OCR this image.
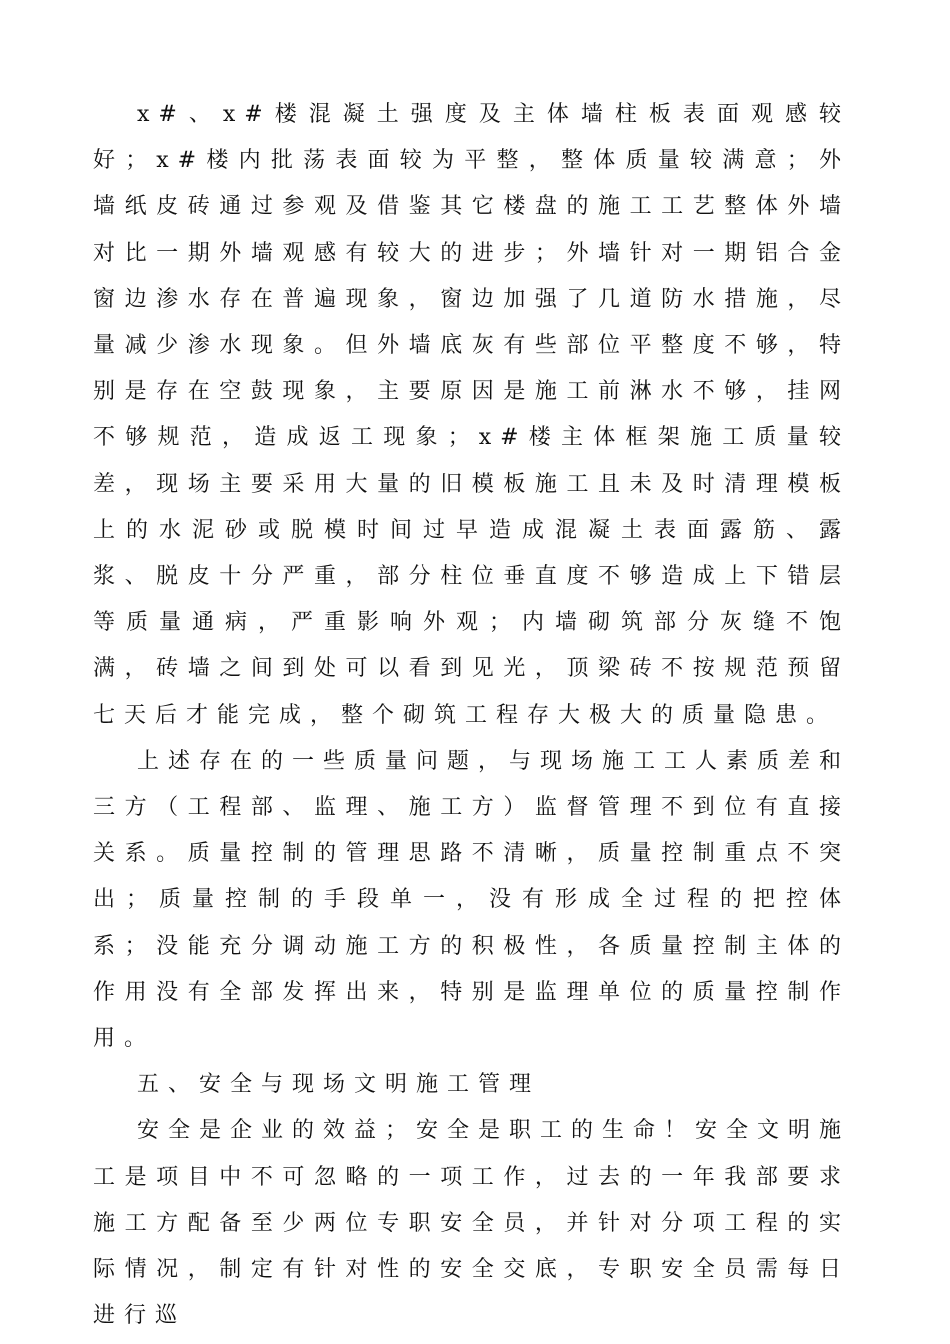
x#、x#楼混凝土强度及主体墙柱板表面观感较好；x#楼内批荡表面较为平整，整体质量较满意；外墙纸皮砖通过参观及借鉴其它楼盘的施工工艺整体外墙对比一期外墙观感有较大的进步；外墙针对一期铝合金窗边渗水存在普遍现象，窗边加强了几道防水措施，尽量减少渗水现象。但外墙底灰有些部位平整度不够，特别是存在空鼓现象，主要原因是施工前淋水不够，挂网不够规范，造成返工现象；x#楼主体框架施工质量较差，现场主要采用大量的旧模板施工且未及时清理模板上的水泥砂或脱模时间过早造成混凝土表面露筋、露浆、脱皮十分严重，部分柱位垂直度不够造成上下错层等质量通病，严重影响外观；内墙砌筑部分灰缝不饱满，砖墙之间到处可以看到见光，顶梁砖不按规范预留七天后才能完成，整个砌筑工程存大极大的质量隐患。

上述存在的一些质量问题，与现场施工工人素质差和三方（工程部、监理、施工方）监督管理不到位有直接关系。质量控制的管理思路不清晰，质量控制重点不突出；质量控制的手段单一，没有形成全过程的把控体系；没能充分调动施工方的积极性，各质量控制主体的作用没有全部发挥出来，特别是监理单位的质量控制作用。

五、安全与现场文明施工管理

安全是企业的效益；安全是职工的生命！安全文明施工是项目中不可忽略的一项工作，过去的一年我部要求施工方配备至少两位专职安全员，并针对分项工程的实际情况，制定有针对性的安全交底，专职安全员需每日进行巡
